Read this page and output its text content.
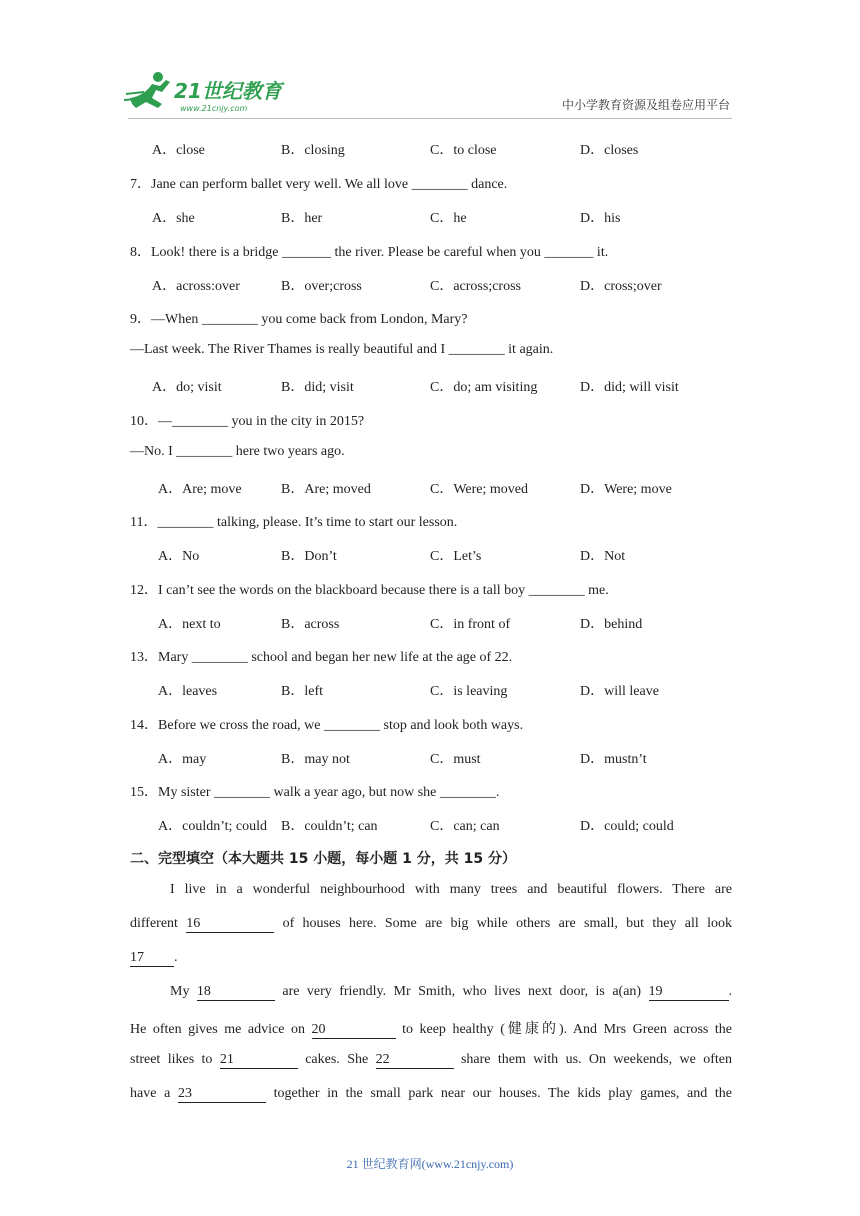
21世纪教育
www.21cnjy.com	中小学教育资源及组卷应用平台
A．close	B．closing	C．to close	D．closes
7．Jane can perform ballet very well. We all love ________ dance.
A．she	B．her	C．he	D．his
8．Look! there is a bridge _______ the river. Please be careful when you _______ it.
A．across:over	B．over;cross	C．across;cross	D．cross;over
9．—When ________ you come back from London, Mary?
—Last week. The River Thames is really beautiful and I ________ it again.
A．do; visit	B．did; visit	C．do; am visiting	D．did; will visit
10．—________ you in the city in 2015?
—No. I ________ here two years ago.
A．Are; move	B．Are; moved	C．Were; moved	D．Were; move
11．________ talking, please. It’s time to start our lesson.
A．No	B．Don’t	C．Let’s	D．Not
12．I can’t see the words on the blackboard because there is a tall boy ________ me.
A．next to	B．across	C．in front of	D．behind
13．Mary ________ school and began her new life at the age of 22.
A．leaves	B．left	C．is leaving	D．will leave
14．Before we cross the road, we ________ stop and look both ways.
A．may	B．may not	C．must	D．mustn’t
15．My sister ________ walk a year ago, but now she ________.
A．couldn’t; could B．couldn’t; can	C．can; can	D．could; could
二、完型填空（本大题共 15 小题，每小题 1 分，共 15 分）
I live in a wonderful neighbourhood with many trees and beautiful flowers. There are
different 16	of houses here. Some are big while others are small, but they all look
17 .
My 18	are very friendly. Mr Smith, who lives next door, is a(an) 19	.
He often gives me advice on 20	to keep healthy (健康的). And Mrs Green across the
street likes to 21	cakes. She 22	share them with us. On weekends, we often
have a 23	together in the small park near our houses. The kids play games, and the
21 世纪教育网(www.21cnjy.com)
